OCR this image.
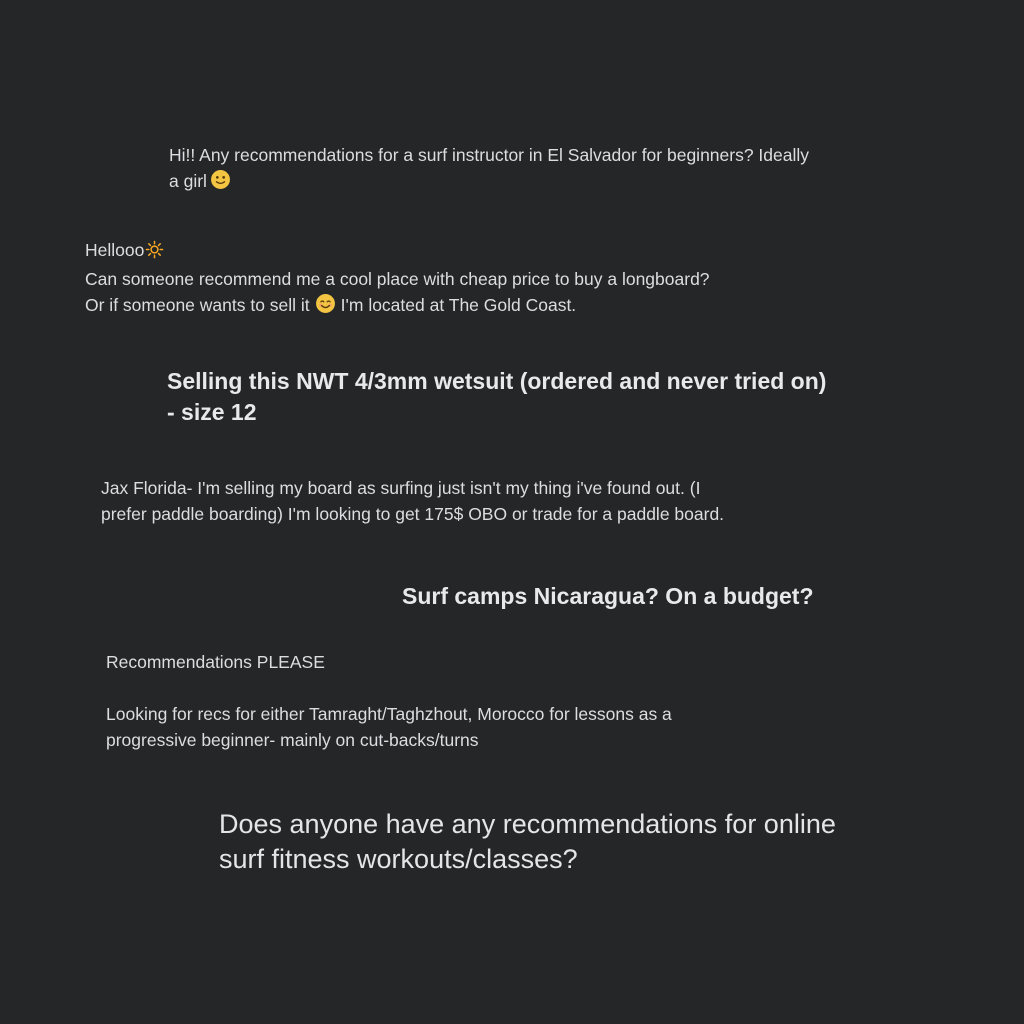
Hi!! Any recommendations for a surf instructor in El Salvador for beginners? Ideally
a girl
Hellooo
Can someone recommend me a cool place with cheap price to buy a longboard?
Or if someone wants to sell it I'm located at The Gold Coast.
Selling this NWT 4/3mm wetsuit (ordered and never tried on)
- size 12
Jax Florida- I'm selling my board as surfing just isn't my thing i've found out. (I
prefer paddle boarding) I'm looking to get 175$ OBO or trade for a paddle board.
Surf camps Nicaragua? On a budget?
Recommendations PLEASE
Looking for recs for either Tamraght/Taghzhout, Morocco for lessons as a
progressive beginner- mainly on cut-backs/turns
Does anyone have any recommendations for online
surf fitness workouts/classes?
